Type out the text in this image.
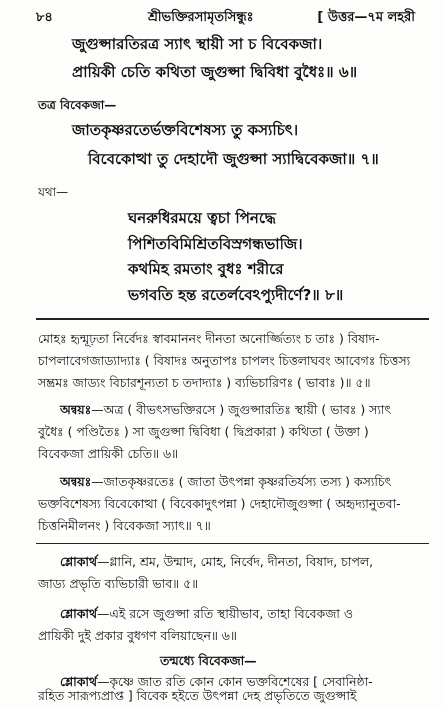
৮৪	শ্রীভক্তিরসামৃতসিন্ধুঃ	[ উত্তর—৭ম লহরী
জুগুপ্সারতিরত্র স্যাৎ স্থায়ী সা চ বিবেকজা।
প্রায়িকী চেতি কথিতা জুগুপ্সা দ্বিবিধা বুধৈঃ॥ ৬॥
তত্র বিবেকজা—
জাতকৃষ্ণরতের্ভক্তবিশেষস্য তু কস্যচিৎ।
বিবেকোত্থা তু দেহাদৌ জুগুপ্সা স্যাদ্বিবেকজা॥ ৭॥
যথা—
ঘনরুধিরময়ে ত্বচা পিনদ্ধে
পিশিতবিমিশ্রিতবিস্রগন্ধভাজি।
কথমিহ রমতাং বুধঃ শরীরে
ভগবতি হন্ত রতের্লবেঽপ্যুদীর্ণে?॥ ৮॥
মোহঃ হৃন্মূঢ়তা নির্বেদঃ স্বাবমাননং দীনতা অনোর্জ্জিত্যং চ তাঃ ) বিষাদ-
চাপলাবেগজাড্যাদ্যাঃ ( বিষাদঃ অনুতাপঃ চাপলং চিত্তলাঘবং আবেগঃ চিত্তস্য
সম্ভ্রমঃ জাড্যং বিচারশূন্যতা চ তদাদ্যাঃ ) ব্যভিচারিণঃ ( ভাবাঃ )॥ ৫॥
অন্বয়ঃ—অত্র ( বীভৎসভক্তিরসে ) জুগুপ্সারতিঃ স্থায়ী ( ভাবঃ ) স্যাৎ
বুধৈঃ ( পণ্ডিতৈঃ ) সা জুগুপ্সা দ্বিবিধা ( দ্বিপ্রকারা ) কথিতা ( উক্তা )
বিবেকজা প্রায়িকী চেতি॥ ৬॥
অন্বয়ঃ—জাতকৃষ্ণরতেঃ ( জাতা উৎপন্না কৃষ্ণরতির্যস্য তস্য ) কস্যচিৎ
ভক্তবিশেষস্য বিবেকোত্থা ( বিবেকাদুৎপন্না ) দেহাদৌজুগুপ্সা ( অহৃদ্যানুতবা-
চিত্তনিমীলনং ) বিবেকজা স্যাৎ॥ ৭॥
শ্লোকার্থ—গ্লানি, শ্রম, উন্মাদ, মোহ, নির্বেদ, দীনতা, বিষাদ, চাপল,
জাড্য প্রভৃতি ব্যভিচারী ভাব॥ ৫॥
শ্লোকার্থ—এই রসে জুগুপ্সা রতি স্থায়ীভাব, তাহা বিবেকজা ও
প্রায়িকী দুই প্রকার বুধগণ বলিয়াছেন॥ ৬॥
তন্মধ্যে বিবেকজা—
শ্লোকার্থ—কৃষ্ণে জাত রতি কোন কোন ভক্তবিশেষের [ সেবানিষ্ঠা-
রহিত সারূপ্যপ্রাপ্ত ] বিবেক হইতে উৎপন্না দেহ প্রভৃতিতে জুগুপ্সাই
